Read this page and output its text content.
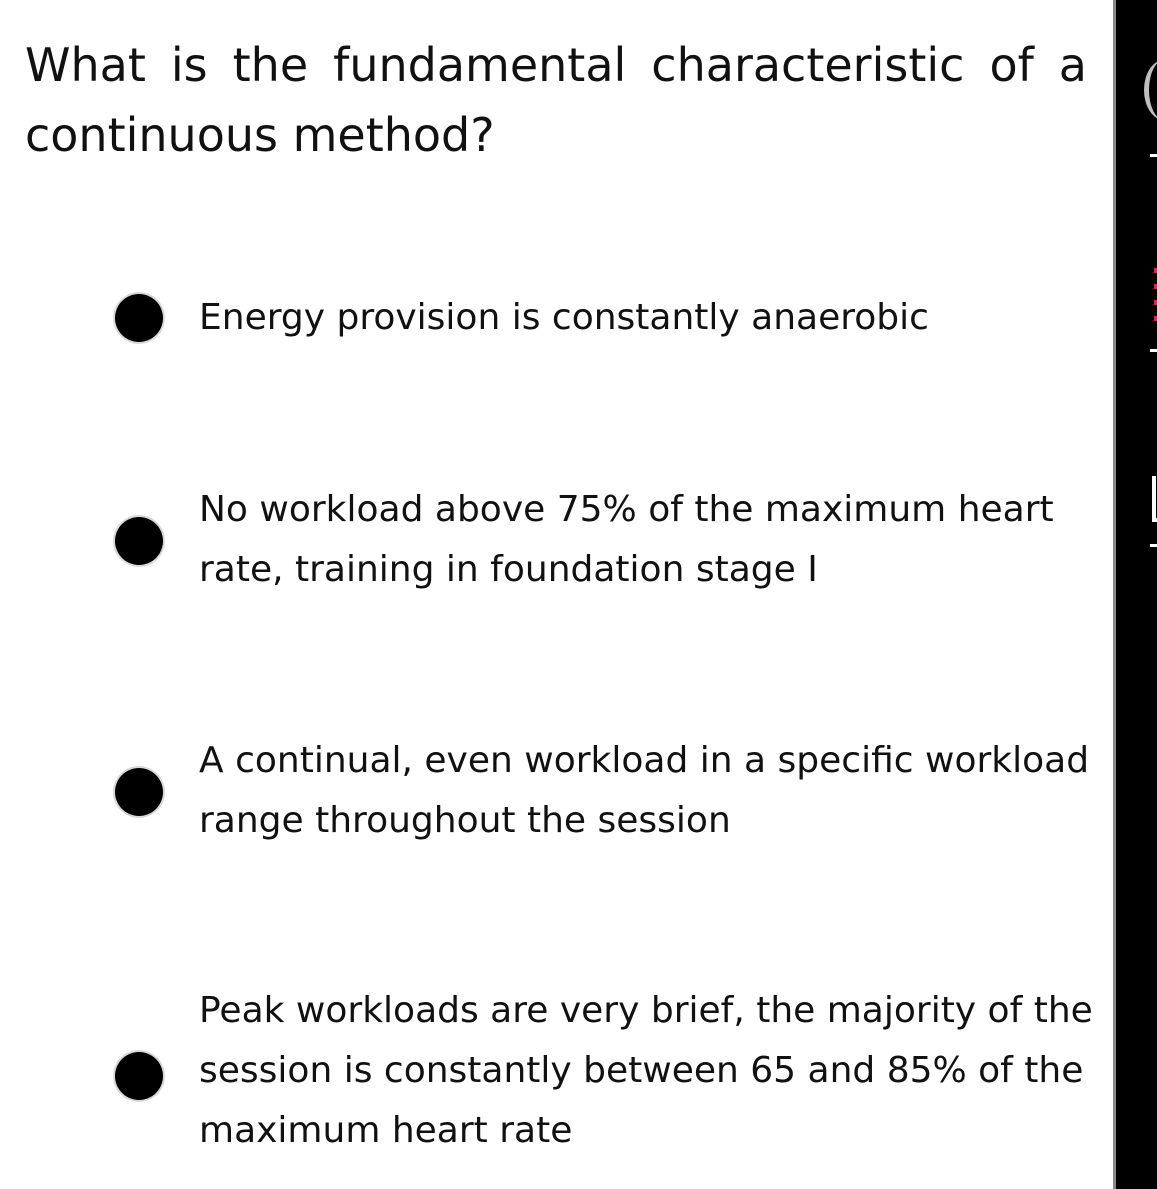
What is the fundamental characteristic of a continuous method?
Energy provision is constantly anaerobic
No workload above 75% of the maximum heart rate, training in foundation stage I
A continual, even workload in a specific workload range throughout the session
Peak workloads are very brief, the majority of the session is constantly between 65 and 85% of the maximum heart rate
